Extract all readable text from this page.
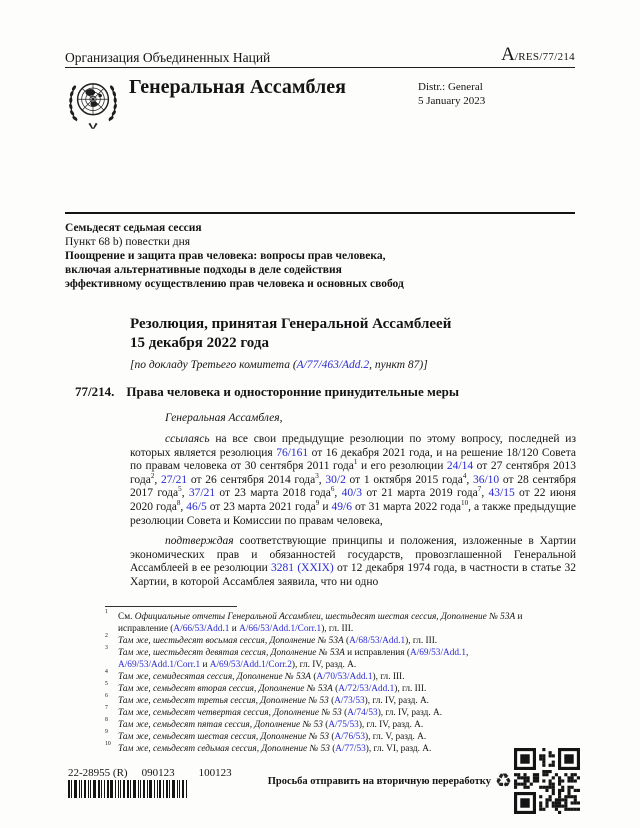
Организация Объединенных Наций	A/RES/77/214
Генеральная Ассамблея	Distr.: General
5 January 2023
Семьдесят седьмая сессия
Пункт 68 b) повестки дня
Поощрение и защита прав человека: вопросы прав человека, включая альтернативные подходы в деле содействия эффективному осуществлению прав человека и основных свобод
Резолюция, принятая Генеральной Ассамблеей
15 декабря 2022 года
[по докладу Третьего комитета (A/77/463/Add.2, пункт 87)]
77/214. Права человека и односторонние принудительные меры
Генеральная Ассамблея,
ссылаясь на все свои предыдущие резолюции по этому вопросу, последней из которых является резолюция 76/161 от 16 декабря 2021 года, и на решение 18/120 Совета по правам человека от 30 сентября 2011 года$^1$ и его резолюции 24/14 от 27 сентября 2013 года$^2$, 27/21 от 26 сентября 2014 года$^3$, 30/2 от 1 октября 2015 года$^4$, 36/10 от 28 сентября 2017 года$^5$, 37/21 от 23 марта 2018 года$^6$, 40/3 от 21 марта 2019 года$^7$, 43/15 от 22 июня 2020 года$^8$, 46/5 от 23 марта 2021 года$^9$ и 49/6 от 31 марта 2022 года$^{10}$, а также предыдущие резолюции Совета и Комиссии по правам человека,
подтверждая соответствующие принципы и положения, изложенные в Хартии экономических прав и обязанностей государств, провозглашенной Генеральной Ассамблеей в ее резолюции 3281 (XXIX) от 12 декабря 1974 года, в частности в статье 32 Хартии, в которой Ассамблея заявила, что ни одно
1 См. Официальные отчеты Генеральной Ассамблеи, шестьдесят шестая сессия, Дополнение № 53A и исправление (A/66/53/Add.1 и A/66/53/Add.1/Corr.1), гл. III.
2 Там же, шестьдесят восьмая сессия, Дополнение № 53A (A/68/53/Add.1), гл. III.
3 Там же, шестьдесят девятая сессия, Дополнение № 53A и исправления (A/69/53/Add.1, A/69/53/Add.1/Corr.1 и A/69/53/Add.1/Corr.2), гл. IV, разд. A.
4 Там же, семидесятая сессия, Дополнение № 53A (A/70/53/Add.1), гл. III.
5 Там же, семьдесят вторая сессия, Дополнение № 53A (A/72/53/Add.1), гл. III.
6 Там же, семьдесят третья сессия, Дополнение № 53 (A/73/53), гл. IV, разд. A.
7 Там же, семьдесят четвертая сессия, Дополнение № 53 (A/74/53), гл. IV, разд. A.
8 Там же, семьдесят пятая сессия, Дополнение № 53 (A/75/53), гл. IV, разд. A.
9 Там же, семьдесят шестая сессия, Дополнение № 53 (A/76/53), гл. V, разд. A.
10 Там же, семьдесят седьмая сессия, Дополнение № 53 (A/77/53), гл. VI, разд. A.
22-28955 (R) 090123 100123
Просьба отправить на вторичную переработку ♻
